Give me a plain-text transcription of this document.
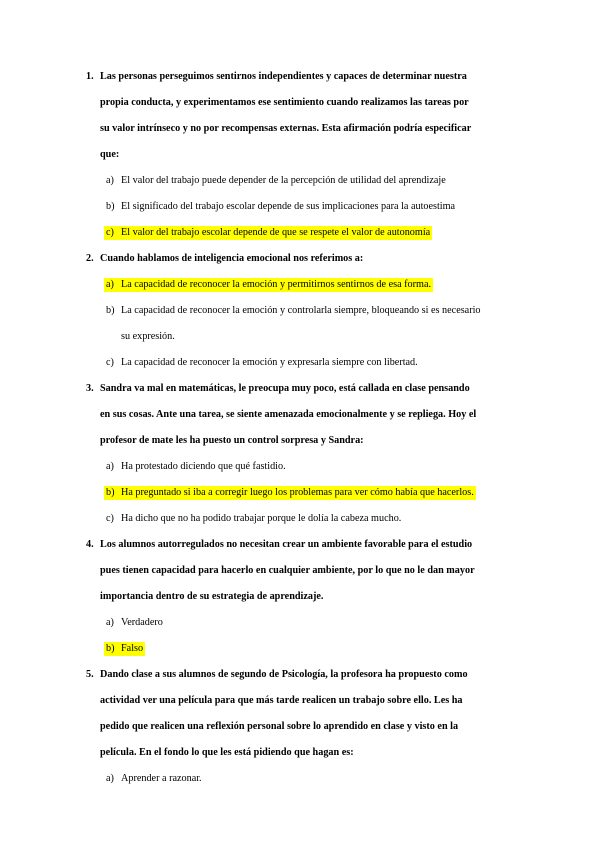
1. Las personas perseguimos sentirnos independientes y capaces de determinar nuestra
propia conducta, y experimentamos ese sentimiento cuando realizamos las tareas por
su valor intrínseco y no por recompensas externas. Esta afirmación podría especificar
que:
a) El valor del trabajo puede depender de la percepción de utilidad del aprendizaje
b) El significado del trabajo escolar depende de sus implicaciones para la autoestima
c) El valor del trabajo escolar depende de que se respete el valor de autonomía
2. Cuando hablamos de inteligencia emocional nos referimos a:
a) La capacidad de reconocer la emoción y permitirnos sentirnos de esa forma.
b) La capacidad de reconocer la emoción y controlarla siempre, bloqueando si es necesario
su expresión.
c) La capacidad de reconocer la emoción y expresarla siempre con libertad.
3. Sandra va mal en matemáticas, le preocupa muy poco, está callada en clase pensando
en sus cosas. Ante una tarea, se siente amenazada emocionalmente y se repliega. Hoy el
profesor de mate les ha puesto un control sorpresa y Sandra:
a) Ha protestado diciendo que qué fastidio.
b) Ha preguntado si iba a corregir luego los problemas para ver cómo había que hacerlos.
c) Ha dicho que no ha podido trabajar porque le dolía la cabeza mucho.
4. Los alumnos autorregulados no necesitan crear un ambiente favorable para el estudio
pues tienen capacidad para hacerlo en cualquier ambiente, por lo que no le dan mayor
importancia dentro de su estrategia de aprendizaje.
a) Verdadero
b) Falso
5. Dando clase a sus alumnos de segundo de Psicología, la profesora ha propuesto como
actividad ver una película para que más tarde realicen un trabajo sobre ello. Les ha
pedido que realicen una reflexión personal sobre lo aprendido en clase y visto en la
película. En el fondo lo que les está pidiendo que hagan es:
a) Aprender a razonar.
